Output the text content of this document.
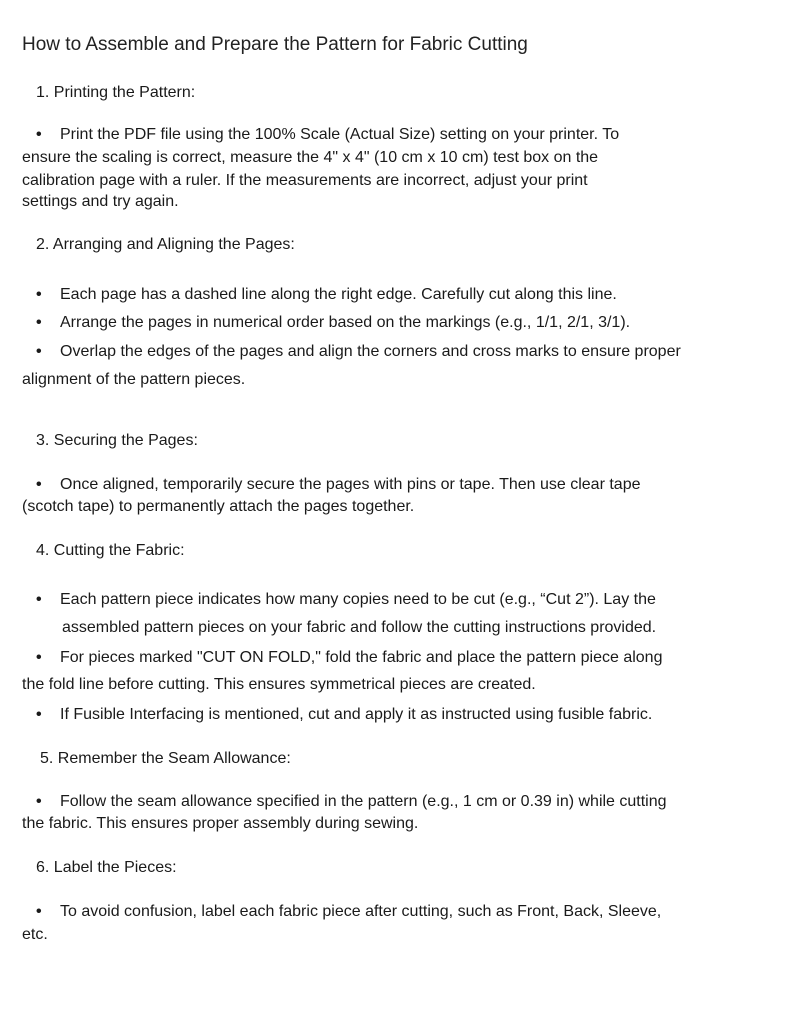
How to Assemble and Prepare the Pattern for Fabric Cutting
1. Printing the Pattern:
• Print the PDF file using the 100% Scale (Actual Size) setting on your printer. To
ensure the scaling is correct, measure the 4" x 4" (10 cm x 10 cm) test box on the
calibration page with a ruler. If the measurements are incorrect, adjust your print
settings and try again.
2. Arranging and Aligning the Pages:
• Each page has a dashed line along the right edge. Carefully cut along this line.
• Arrange the pages in numerical order based on the markings (e.g., 1/1, 2/1, 3/1).
• Overlap the edges of the pages and align the corners and cross marks to ensure proper
alignment of the pattern pieces.
3. Securing the Pages:
• Once aligned, temporarily secure the pages with pins or tape. Then use clear tape
(scotch tape) to permanently attach the pages together.
4. Cutting the Fabric:
• Each pattern piece indicates how many copies need to be cut (e.g., “Cut 2”). Lay the
assembled pattern pieces on your fabric and follow the cutting instructions provided.
• For pieces marked "CUT ON FOLD," fold the fabric and place the pattern piece along
the fold line before cutting. This ensures symmetrical pieces are created.
• If Fusible Interfacing is mentioned, cut and apply it as instructed using fusible fabric.
5. Remember the Seam Allowance:
• Follow the seam allowance specified in the pattern (e.g., 1 cm or 0.39 in) while cutting
the fabric. This ensures proper assembly during sewing.
6. Label the Pieces:
• To avoid confusion, label each fabric piece after cutting, such as Front, Back, Sleeve,
etc.
